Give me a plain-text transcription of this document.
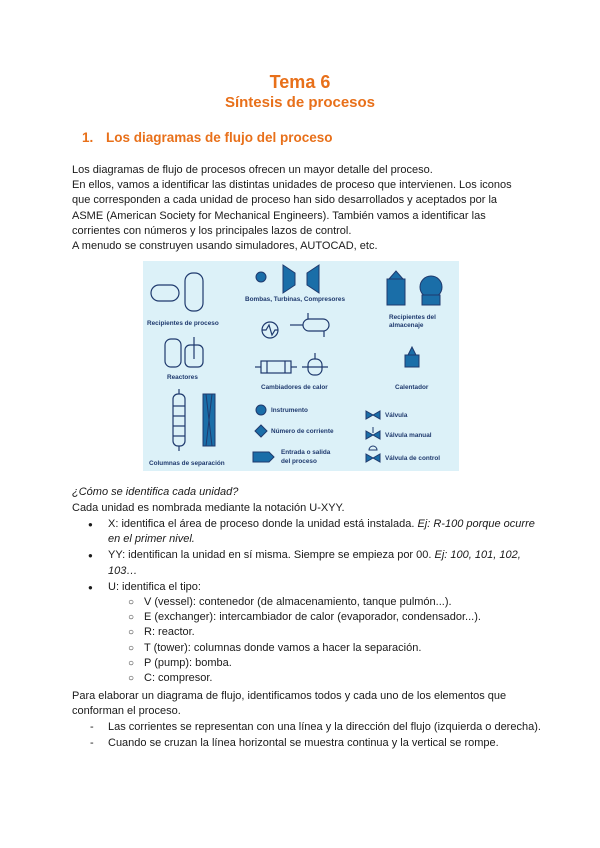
Tema 6
Síntesis de procesos
1. Los diagramas de flujo del proceso

Los diagramas de flujo de procesos ofrecen un mayor detalle del proceso.
En ellos, vamos a identificar las distintas unidades de proceso que intervienen. Los iconos que corresponden a cada unidad de proceso han sido desarrollados y aceptados por la ASME (American Society for Mechanical Engineers). También vamos a identificar las corrientes con números y los principales lazos de control.
A menudo se construyen usando simuladores, AUTOCAD, etc.

Recipientes de proceso
Bombas, Turbinas, Compresores
Recipientes del
almacenaje
Reactores
Cambiadores de calor	Calentador
Instrumento
Válvula
Número de corriente
Válvula manual
Columnas de separación
Entrada o salida
del proceso	Válvula de control

¿Cómo se identifica cada unidad?

Cada unidad es nombrada mediante la notación U-XYY.

● X: identifica el área de proceso donde la unidad está instalada. Ej: R-100 porque ocurre en el primer nivel.
● YY: identifican la unidad en sí misma. Siempre se empieza por 00. Ej: 100, 101, 102, 103…
● U: identifica el tipo:
○ V (vessel): contenedor (de almacenamiento, tanque pulmón...).
○ E (exchanger): intercambiador de calor (evaporador, condensador...).
○ R: reactor.
○ T (tower): columnas donde vamos a hacer la separación.
○ P (pump): bomba.
○ C: compresor.

Para elaborar un diagrama de flujo, identificamos todos y cada uno de los elementos que conforman el proceso.

- Las corrientes se representan con una línea y la dirección del flujo (izquierda o derecha).
- Cuando se cruzan la línea horizontal se muestra continua y la vertical se rompe.
